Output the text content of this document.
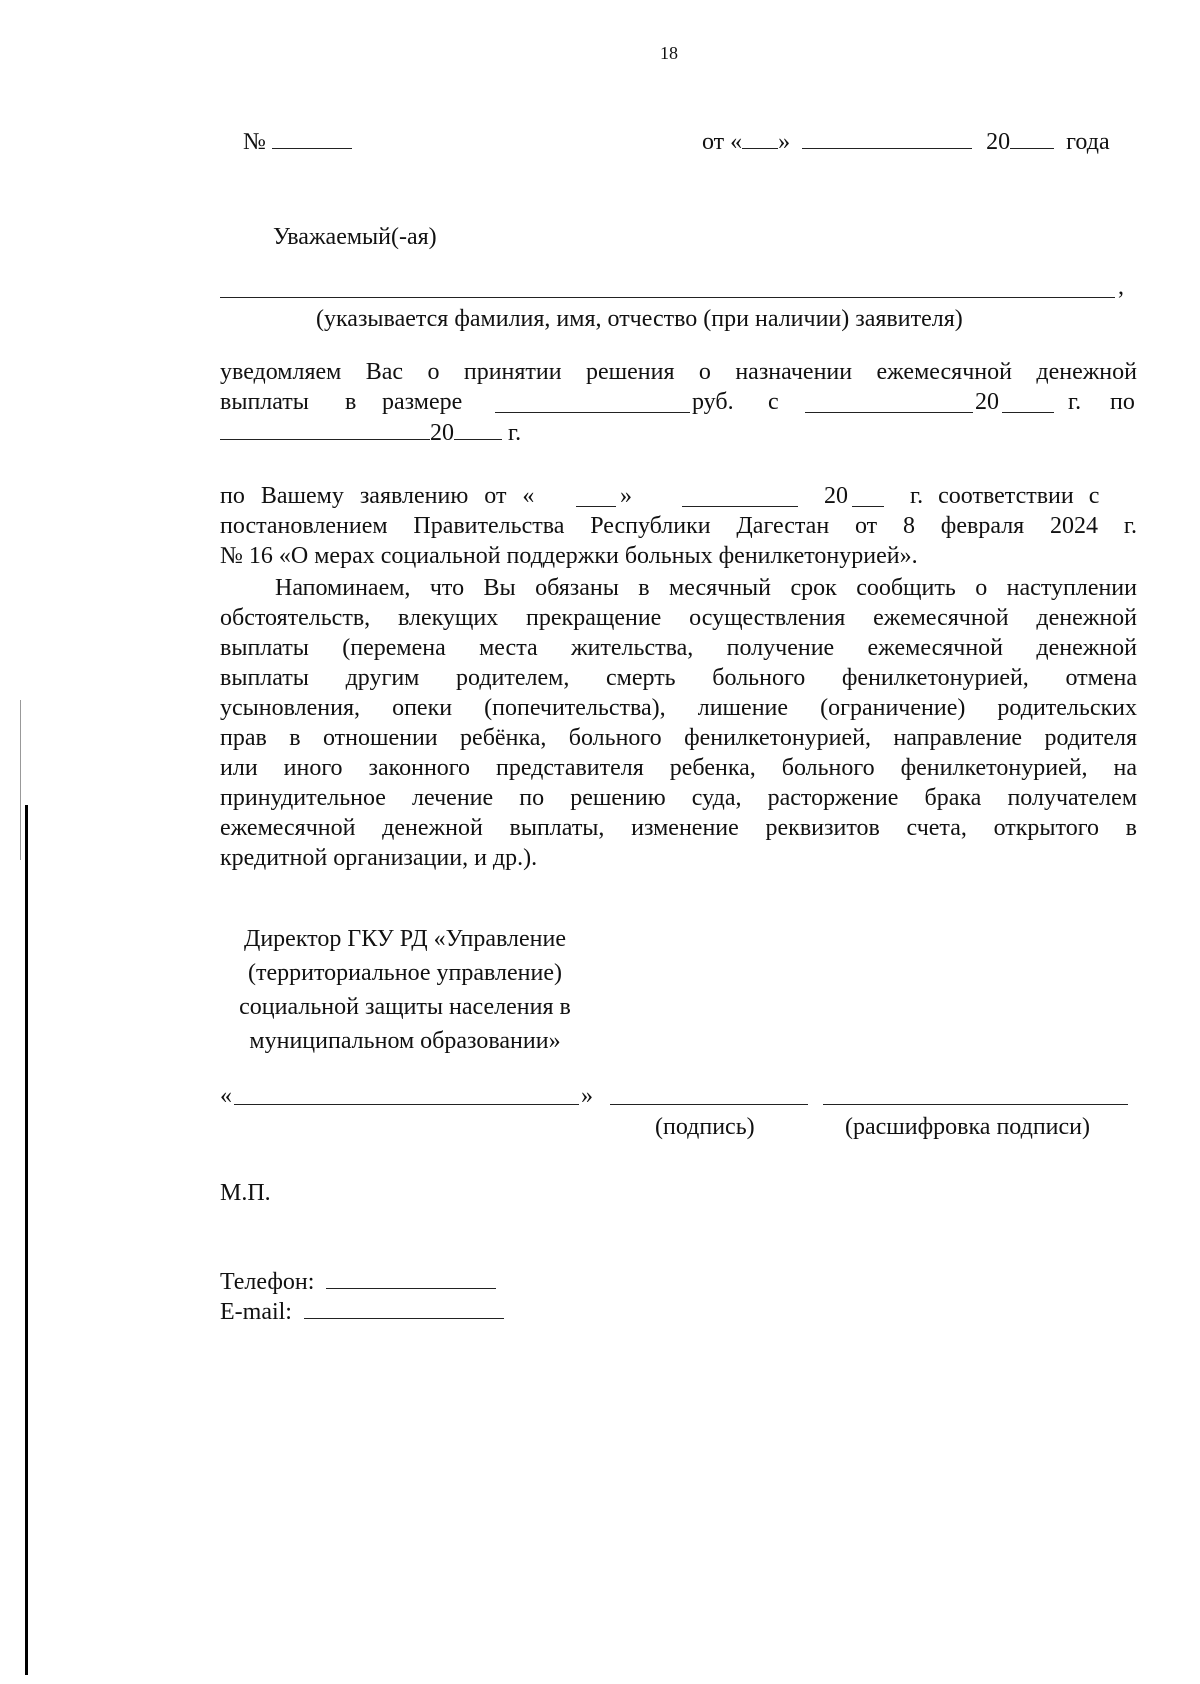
18
№	от « »	20 года
Уважаемый(-ая)
,
(указывается фамилия, имя, отчество (при наличии) заявителя)
уведомляем Вас о принятии решения о назначении ежемесячной денежной
выплаты в размере	руб. с	20	г. по
20 г.
по Вашему заявлению от «	»	20	г. соответствии с
постановлением Правительства Республики Дагестан от 8 февраля 2024 г.
№ 16 «О мерах социальной поддержки больных фенилкетонурией».
Напоминаем, что Вы обязаны в месячный срок сообщить о наступлении
обстоятельств, влекущих прекращение осуществления ежемесячной денежной
выплаты (перемена места жительства, получение ежемесячной денежной
выплаты другим родителем, смерть больного фенилкетонурией, отмена
усыновления, опеки (попечительства), лишение (ограничение) родительских
прав в отношении ребёнка, больного фенилкетонурией, направление родителя
или иного законного представителя ребенка, больного фенилкетонурией, на
принудительное лечение по решению суда, расторжение брака получателем
ежемесячной денежной выплаты, изменение реквизитов счета, открытого в
кредитной организации, и др.).
Директор ГКУ РД «Управление
(территориальное управление)
социальной защиты населения в
муниципальном образовании»
«	»
(подпись)	(расшифровка подписи)
М.П.
Телефон:
E-mail:
